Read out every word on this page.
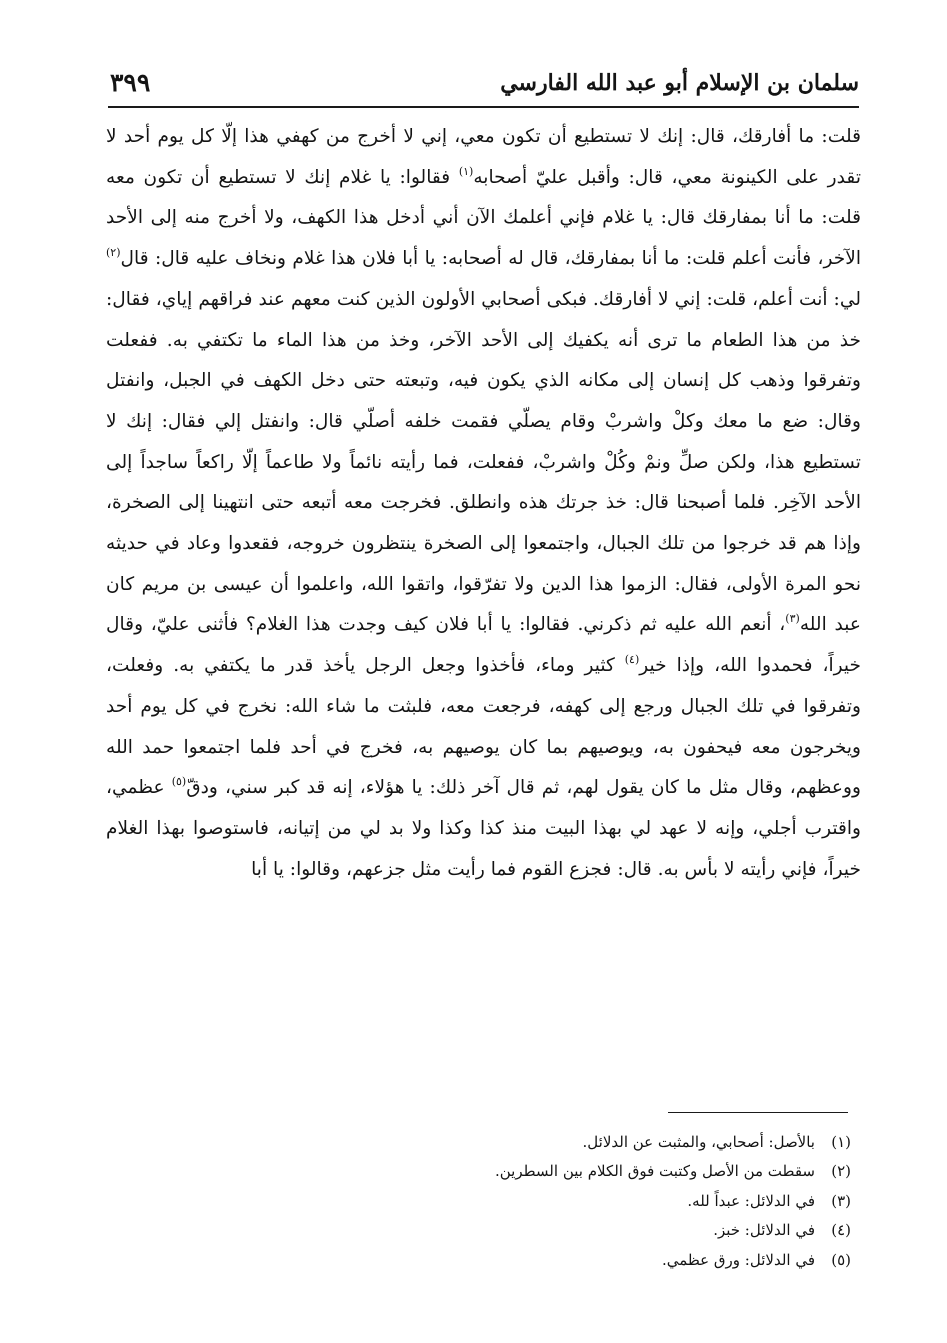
٣٩٩	سلمان بن الإسلام أبو عبد الله الفارسي

قلت: ما أفارقك، قال: إنك لا تستطيع أن تكون معي، إني لا أخرج من كهفي هذا إلّا كل يوم أحد لا تقدر على الكينونة معي، قال: وأقبل عليّ أصحابه$^{(١)}$ فقالوا: يا غلام إنك لا تستطيع أن تكون معه قلت: ما أنا بمفارقك قال: يا غلام فإني أعلمك الآن أني أدخل هذا الكهف، ولا أخرج منه إلى الأحد الآخر، فأنت أعلم قلت: ما أنا بمفارقك، قال له أصحابه: يا أبا فلان هذا غلام ونخاف عليه قال: قال$^{(٢)}$ لي: أنت أعلم، قلت: إني لا أفارقك. فبكى أصحابي الأولون الذين كنت معهم عند فراقهم إياي، فقال: خذ من هذا الطعام ما ترى أنه يكفيك إلى الأحد الآخر، وخذ من هذا الماء ما تكتفي به. ففعلت وتفرقوا وذهب كل إنسان إلى مكانه الذي يكون فيه، وتبعته حتى دخل الكهف في الجبل، وانفتل وقال: ضع ما معك وكلْ واشربْ وقام يصلّي فقمت خلفه أصلّي قال: وانفتل إلي فقال: إنك لا تستطيع هذا، ولكن صلِّ ونمْ وكُلْ واشربْ، ففعلت، فما رأيته نائماً ولا طاعماً إلّا راكعاً ساجداً إلى الأحد الآخِر. فلما أصبحنا قال: خذ جرتك هذه وانطلق. فخرجت معه أتبعه حتى انتهينا إلى الصخرة، وإذا هم قد خرجوا من تلك الجبال، واجتمعوا إلى الصخرة ينتظرون خروجه، فقعدوا وعاد في حديثه نحو المرة الأولى، فقال: الزموا هذا الدين ولا تفرّقوا، واتقوا الله، واعلموا أن عيسى بن مريم كان عبد الله$^{(٣)}$، أنعم الله عليه ثم ذكرني. فقالوا: يا أبا فلان كيف وجدت هذا الغلام؟ فأثنى عليّ، وقال خيراً، فحمدوا الله، وإذا خير$^{(٤)}$ كثير وماء، فأخذوا وجعل الرجل يأخذ قدر ما يكتفي به. وفعلت، وتفرقوا في تلك الجبال ورجع إلى كهفه، فرجعت معه، فلبثت ما شاء الله: نخرج في كل يوم أحد ويخرجون معه فيحفون به، ويوصيهم بما كان يوصيهم به، فخرج في أحد فلما اجتمعوا حمد الله ووعظهم، وقال مثل ما كان يقول لهم، ثم قال آخر ذلك: يا هؤلاء، إنه قد كبر سني، ودقّ$^{(٥)}$ عظمي، واقترب أجلي، وإنه لا عهد لي بهذا البيت منذ كذا وكذا ولا بد لي من إتيانه، فاستوصوا بهذا الغلام خيراً، فإني رأيته لا بأس به. قال: فجزع القوم فما رأيت مثل جزعهم، وقالوا: يا أبا

(١)بالأصل: أصحابي، والمثبت عن الدلائل.
(٢)سقطت من الأصل وكتبت فوق الكلام بين السطرين.
(٣)في الدلائل: عبداً لله.
(٤)في الدلائل: خبز.
(٥)في الدلائل: ورق عظمي.
